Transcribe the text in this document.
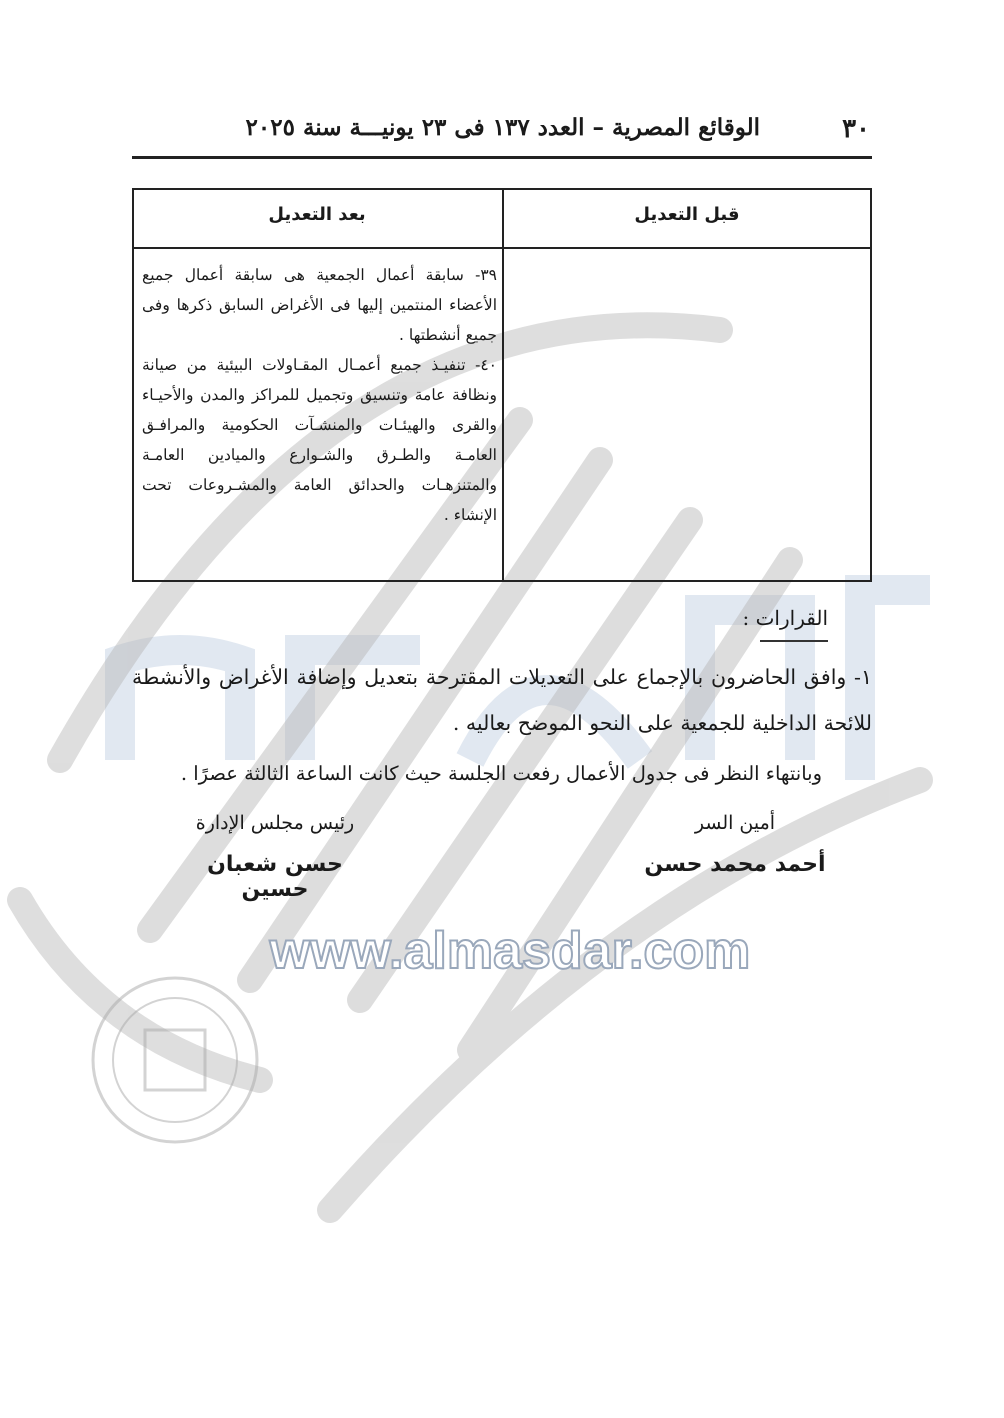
www.almasdar.com
٣٠
الوقائع المصرية – العدد ١٣٧ فى ٢٣ يونيـــة سنة ٢٠٢٥
قبل التعديل
بعد التعديل

٣٩- سابقة أعمال الجمعية هى سابقة أعمال جميع الأعضاء المنتمين إليها فى الأغراض السابق ذكرها وفى جميع أنشطتها .

٤٠- تنفيـذ جميع أعمـال المقـاولات البيئية من صيانة ونظافة عامة وتنسيق وتجميل للمراكز والمدن والأحيـاء والقرى والهيئـات والمنشـآت الحكومية والمرافـق العامـة والطـرق والشـوارع والميادين العامـة والمتنزهـات والحدائق العامة والمشـروعات تحت الإنشاء .

القرارات :
١- وافق الحاضرون بالإجماع على التعديلات المقترحة بتعديل وإضافة الأغراض والأنشطة للائحة الداخلية للجمعية على النحو الموضح بعاليه .
وبانتهاء النظر فى جدول الأعمال رفعت الجلسة حيث كانت الساعة الثالثة عصرًا .
أمين السر
رئيس مجلس الإدارة
أحمد محمد حسن
حسن شعبان حسين
